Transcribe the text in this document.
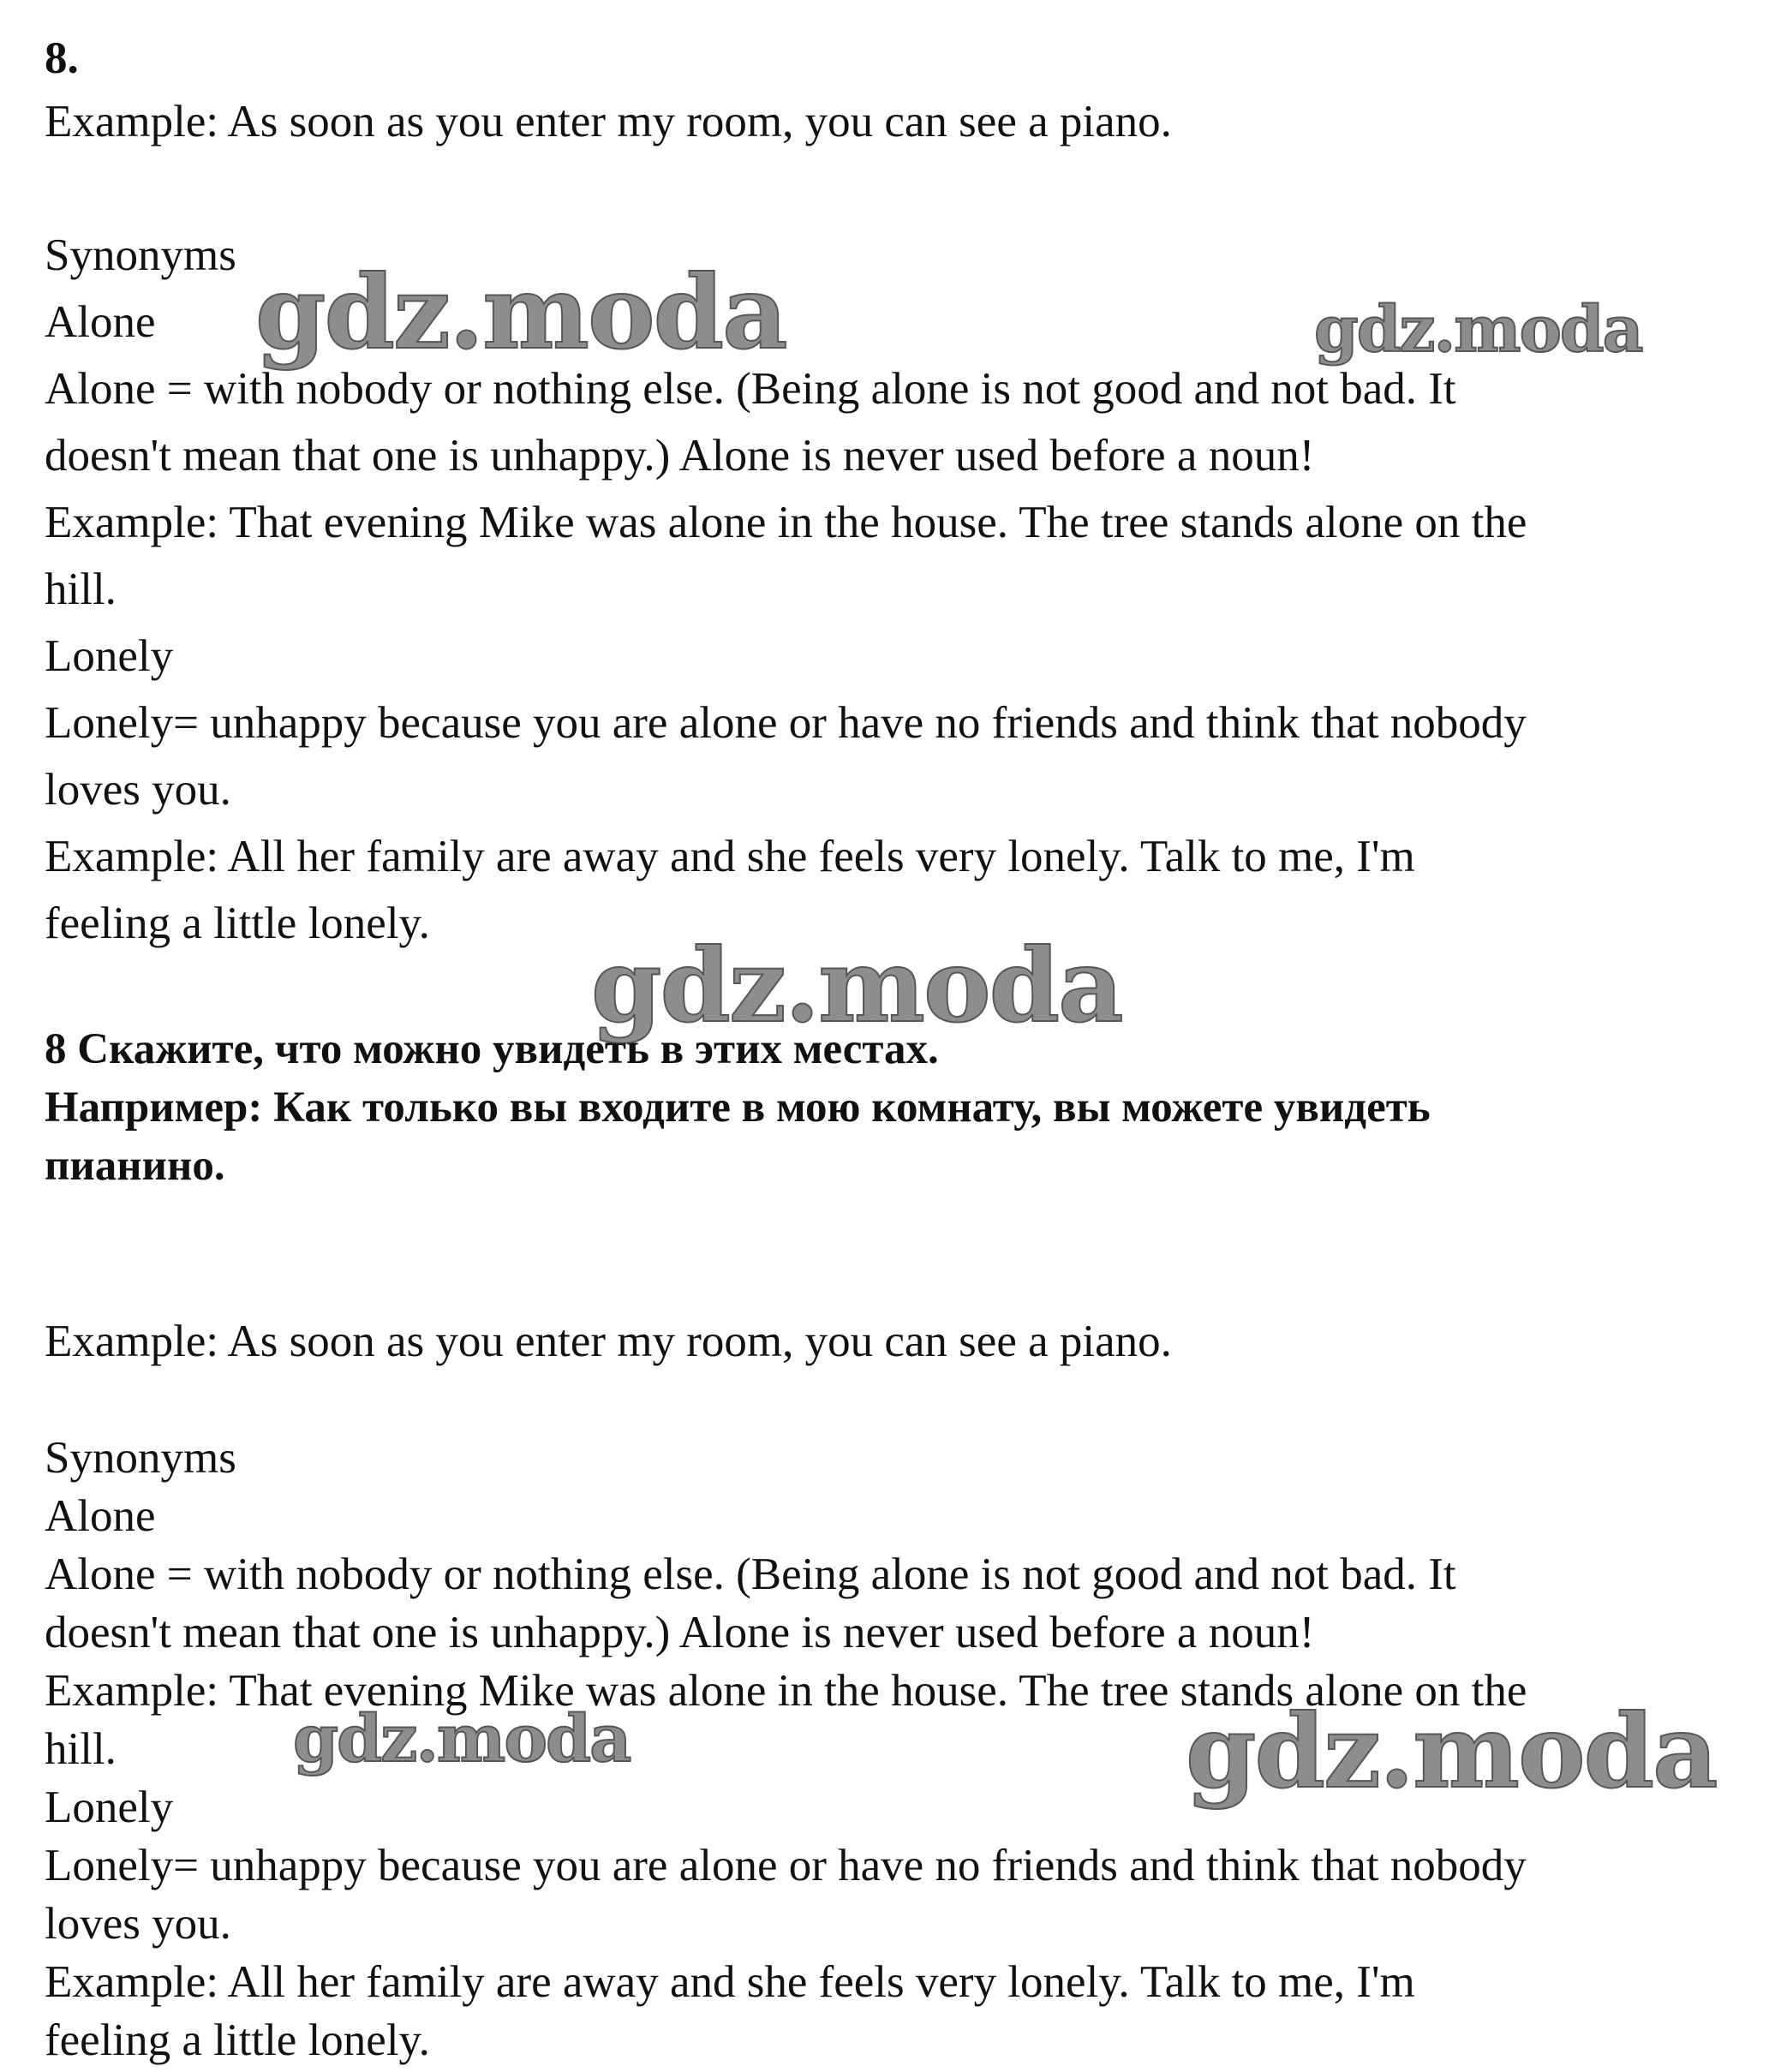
8.
Example: As soon as you enter my room, you can see a piano.
Synonyms
Alone
Alone = with nobody or nothing else. (Being alone is not good and not bad. It
doesn't mean that one is unhappy.) Alone is never used before a noun!
Example: That evening Mike was alone in the house. The tree stands alone on the
hill.
Lonely
Lonely= unhappy because you are alone or have no friends and think that nobody
loves you.
Example: All her family are away and she feels very lonely. Talk to me, I'm
feeling a little lonely.
8 Скажите, что можно увидеть в этих местах.
Например: Как только вы входите в мою комнату, вы можете увидеть
пианино.
Example: As soon as you enter my room, you can see a piano.
Synonyms
Alone
Alone = with nobody or nothing else. (Being alone is not good and not bad. It
doesn't mean that one is unhappy.) Alone is never used before a noun!
Example: That evening Mike was alone in the house. The tree stands alone on the
hill.
Lonely
Lonely= unhappy because you are alone or have no friends and think that nobody
loves you.
Example: All her family are away and she feels very lonely. Talk to me, I'm
feeling a little lonely.
gdz.moda	gdz.moda
gdz.moda
gdz.moda	gdz.moda
